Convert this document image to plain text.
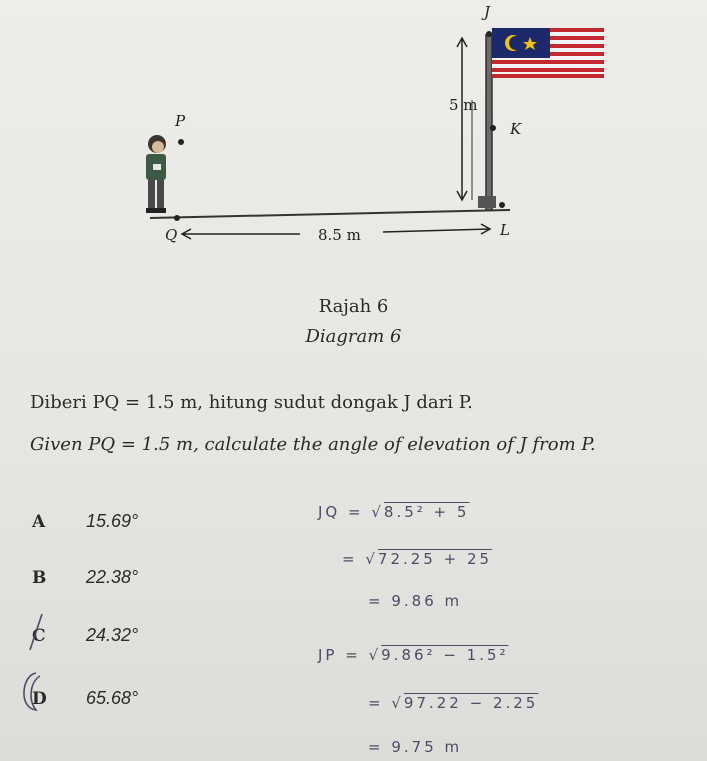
J
5 m
K
P
Q	8.5 m	L
Rajah 6
Diagram 6
Diberi PQ = 1.5 m, hitung sudut dongak J dari P.
Given PQ = 1.5 m, calculate the angle of elevation of J from P.
A 15.69°
B 22.38°
C 24.32°
D 65.68°
JQ = √8.5² + 5
= √72.25 + 25
= 9.86 m
JP = √9.86² − 1.5²
= √97.22 − 2.25
= 9.75 m
